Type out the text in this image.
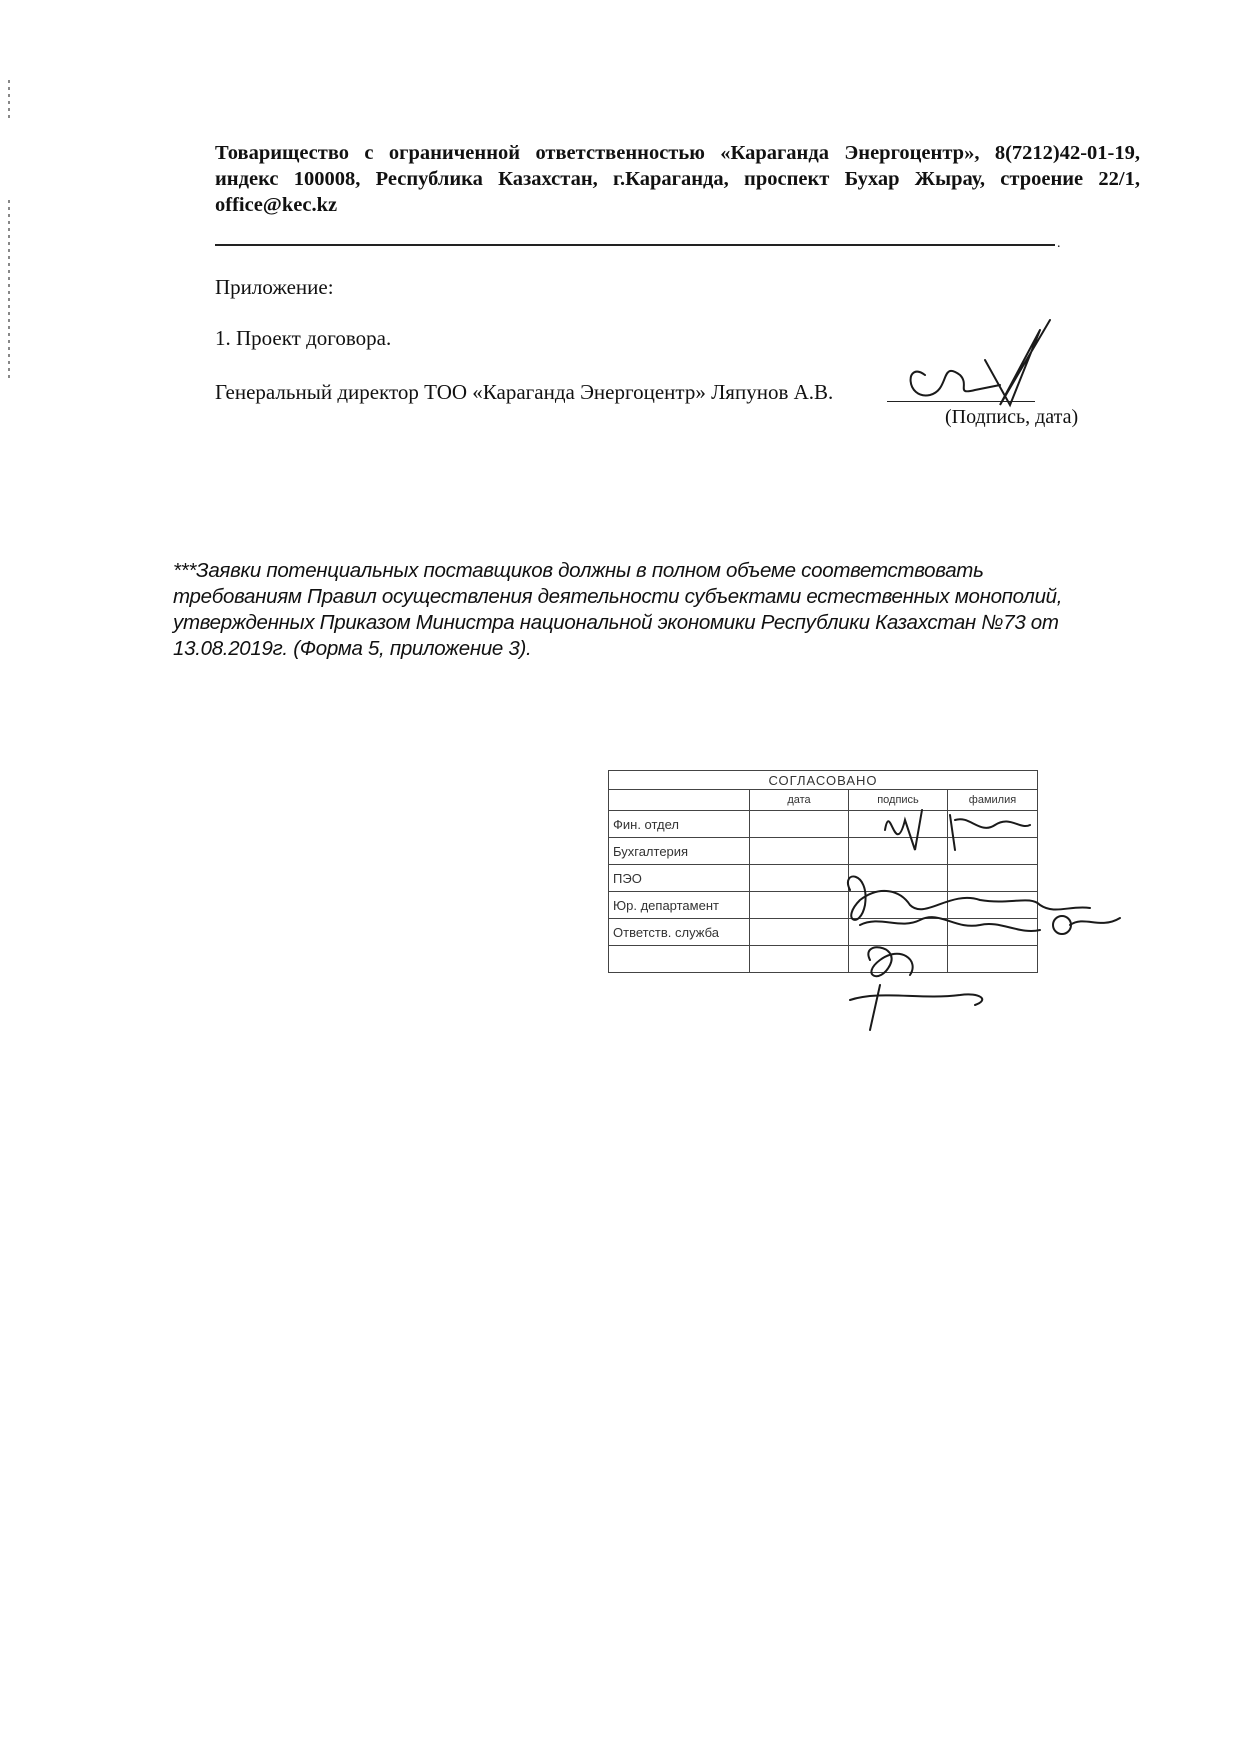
Товарищество с ограниченной ответственностью «Караганда Энергоцентр», 8(7212)42-01-19, индекс 100008, Республика Казахстан, г.Караганда, проспект Бухар Жырау, строение 22/1, office@kec.kz
.
Приложение:
1. Проект договора.
Генеральный директор ТОО «Караганда Энергоцентр» Ляпунов А.В.
(Подпись, дата)
***Заявки потенциальных поставщиков должны в полном объеме соответствовать требованиям Правил осуществления деятельности субъектами естественных монополий, утвержденных Приказом Министра национальной экономики Республики Казахстан №73 от 13.08.2019г. (Форма 5, приложение 3).
СОГЛАСОВАНО			
	дата	подпись	фамилия
Фин. отдел			
Бухгалтерия			
ПЭО			
Юр. департамент			
Ответств. служба			
